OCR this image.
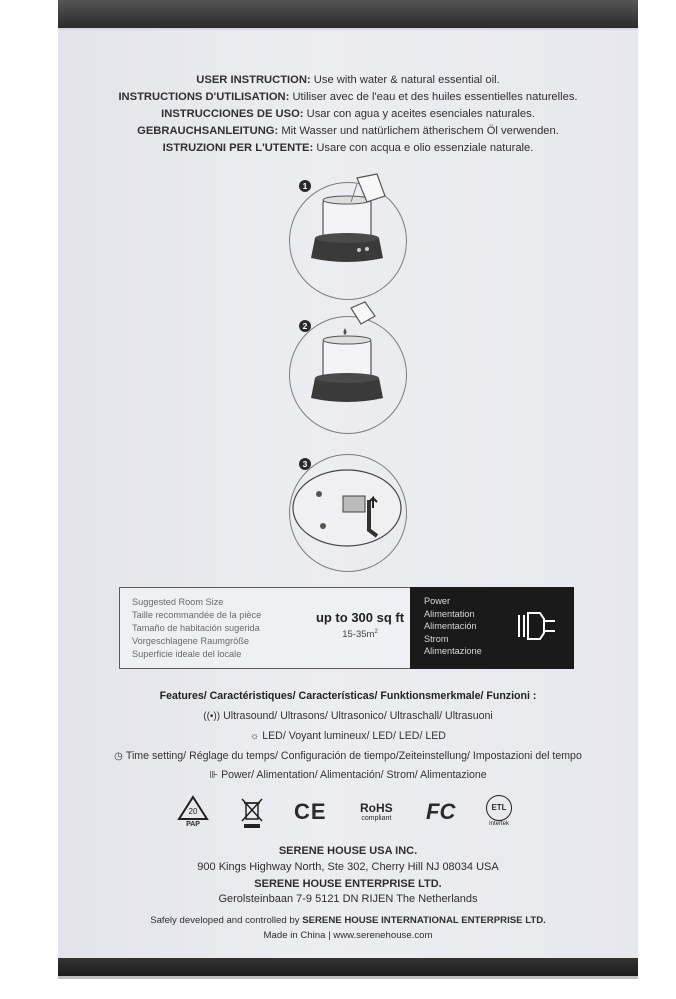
USER INSTRUCTION: Use with water & natural essential oil.
INSTRUCTIONS D'UTILISATION: Utiliser avec de l'eau et des huiles essentielles naturelles.
INSTRUCCIONES DE USO: Usar con agua y aceites esenciales naturales.
GEBRAUCHSANLEITUNG: Mit Wasser und natürlichem ätherischem Öl verwenden.
ISTRUZIONI PER L'UTENTE: Usare con acqua e olio essenziale naturale.
1
2
3
Suggested Room Size
Taille recommandée de la pièce
Tamaño de habitación sugerida
Vorgeschlagene Raumgröße
Superficie ideale del locale
up to 300 sq ft
$15-35m^2$
Power
Alimentation
Alimentación
Strom
Alimentazione
Features/ Caractéristiques/ Características/ Funktionsmerkmale/ Funzioni :
((•)) Ultrasound/ Ultrasons/ Ultrasonico/ Ultraschall/ Ultrasuoni
☼ LED/ Voyant lumineux/ LED/ LED/ LED
◷ Time setting/ Réglage du temps/ Configuración de tiempo/Zeiteinstellung/ Impostazioni del tempo
⊪ Power/ Alimentation/ Alimentación/ Strom/ Alimentazione
20
PAP
CE	RoHS
compliant FC	ETL
Intertek
SERENE HOUSE USA INC.
900 Kings Highway North, Ste 302, Cherry Hill NJ 08034 USA
SERENE HOUSE ENTERPRISE LTD.
Gerolsteinbaan 7-9 5121 DN RIJEN The Netherlands
Safely developed and controlled by SERENE HOUSE INTERNATIONAL ENTERPRISE LTD.
Made in China | www.serenehouse.com
